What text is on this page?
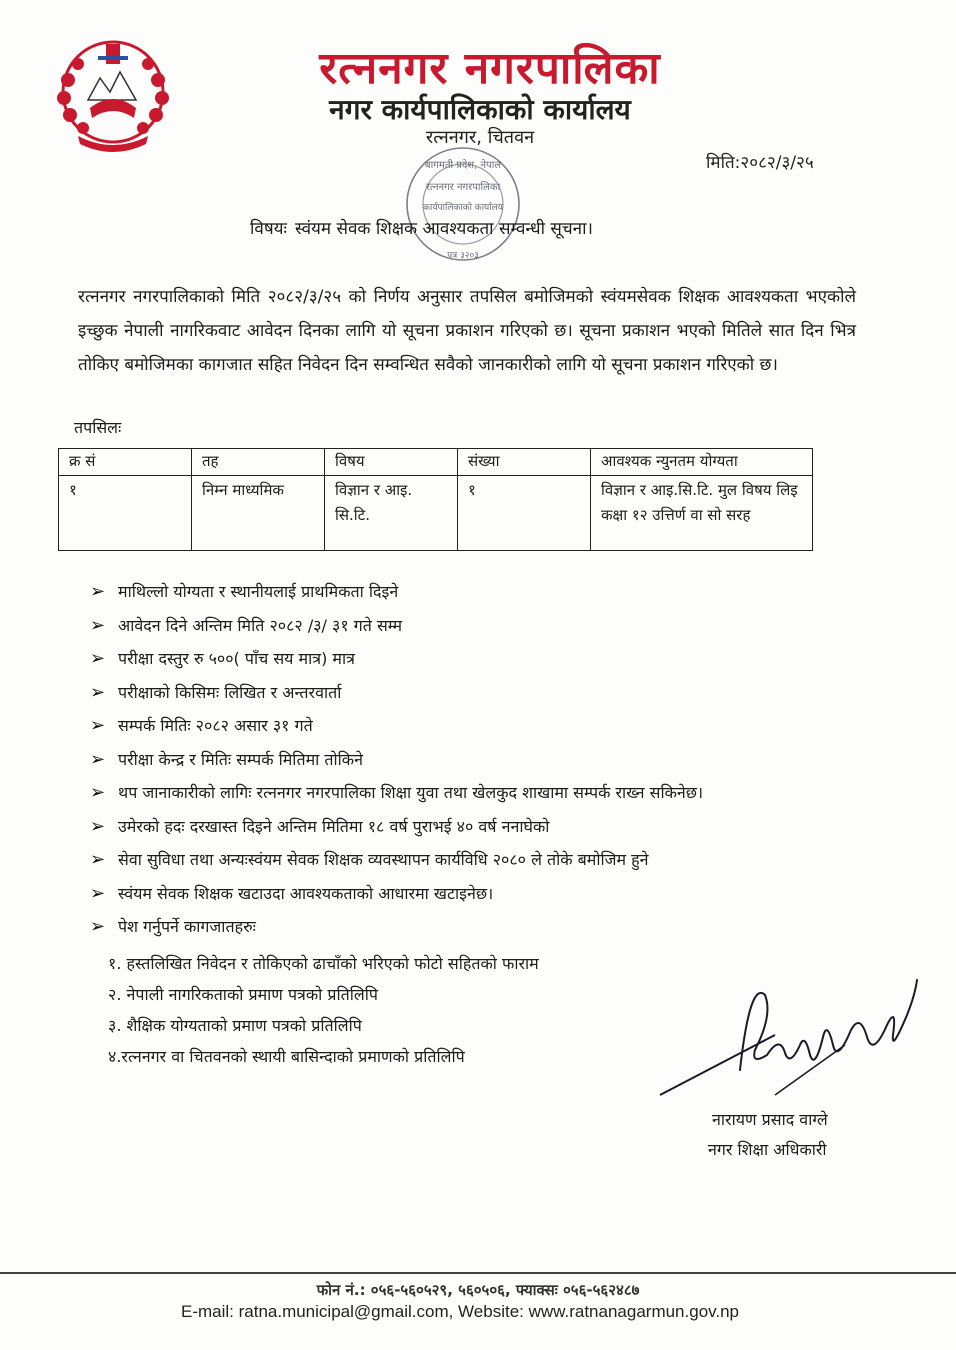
रत्ननगर नगरपालिका
नगर कार्यपालिकाको कार्यालय
रत्ननगर, चितवन
मिति:२०८२/३/२५
बागमती प्रदेश, नेपाल
रत्ननगर नगरपालिका
कार्यपालिकाको कार्यालय
पत्र ३२०३
विषयः स्वंयम सेवक शिक्षक आवश्यकता सम्वन्धी सूचना।
रत्ननगर नगरपालिकाको मिति २०८२/३/२५ को निर्णय अनुसार तपसिल बमोजिमको स्वंयमसेवक शिक्षक आवश्यकता भएकोले इच्छुक नेपाली नागरिकवाट आवेदन दिनका लागि यो सूचना प्रकाशन गरिएको छ। सूचना प्रकाशन भएको मितिले सात दिन भित्र तोकिए बमोजिमका कागजात सहित निवेदन दिन सम्वन्धित सवैको जानकारीको लागि यो सूचना प्रकाशन गरिएको छ।
तपसिलः
क्र सं	तह	विषय	संख्या	आवश्यक न्युनतम योग्यता
१	निम्न माध्यमिक	विज्ञान र आइ. सि.टि.	१	विज्ञान र आइ.सि.टि. मुल विषय लिइ कक्षा १२ उत्तिर्ण वा सो सरह
➢ माथिल्लो योग्यता र स्थानीयलाई प्राथमिकता दिइने
➢ आवेदन दिने अन्तिम मिति २०८२ /३/ ३१ गते सम्म
➢ परीक्षा दस्तुर रु ५००( पाँच सय मात्र) मात्र
➢ परीक्षाको किसिमः लिखित र अन्तरवार्ता
➢ सम्पर्क मितिः २०८२ असार ३१ गते
➢ परीक्षा केन्द्र र मितिः सम्पर्क मितिमा तोकिने
➢ थप जानाकारीको लागिः रत्ननगर नगरपालिका शिक्षा युवा तथा खेलकुद शाखामा सम्पर्क राख्न सकिनेछ।
➢ उमेरको हदः दरखास्त दिइने अन्तिम मितिमा १८ वर्ष पुराभई ४० वर्ष ननाघेको
➢ सेवा सुविधा तथा अन्यःस्वंयम सेवक शिक्षक व्यवस्थापन कार्यविधि २०८० ले तोके बमोजिम हुने
➢ स्वंयम सेवक शिक्षक खटाउदा आवश्यकताको आधारमा खटाइनेछ।
➢ पेश गर्नुपर्ने कागजातहरुः
१. हस्तलिखित निवेदन र तोकिएको ढाचाँको भरिएको फोटो सहितको फाराम
२. नेपाली नागरिकताको प्रमाण पत्रको प्रतिलिपि
३. शैक्षिक योग्यताको प्रमाण पत्रको प्रतिलिपि
४.रत्ननगर वा चितवनको स्थायी बासिन्दाको प्रमाणको प्रतिलिपि
नारायण प्रसाद वाग्ले
नगर शिक्षा अधिकारी
फोन नं.: ०५६-५६०५२९, ५६०५०६, फ्याक्सः ०५६-५६२४८७
E-mail: ratna.municipal@gmail.com, Website: www.ratnanagarmun.gov.np
